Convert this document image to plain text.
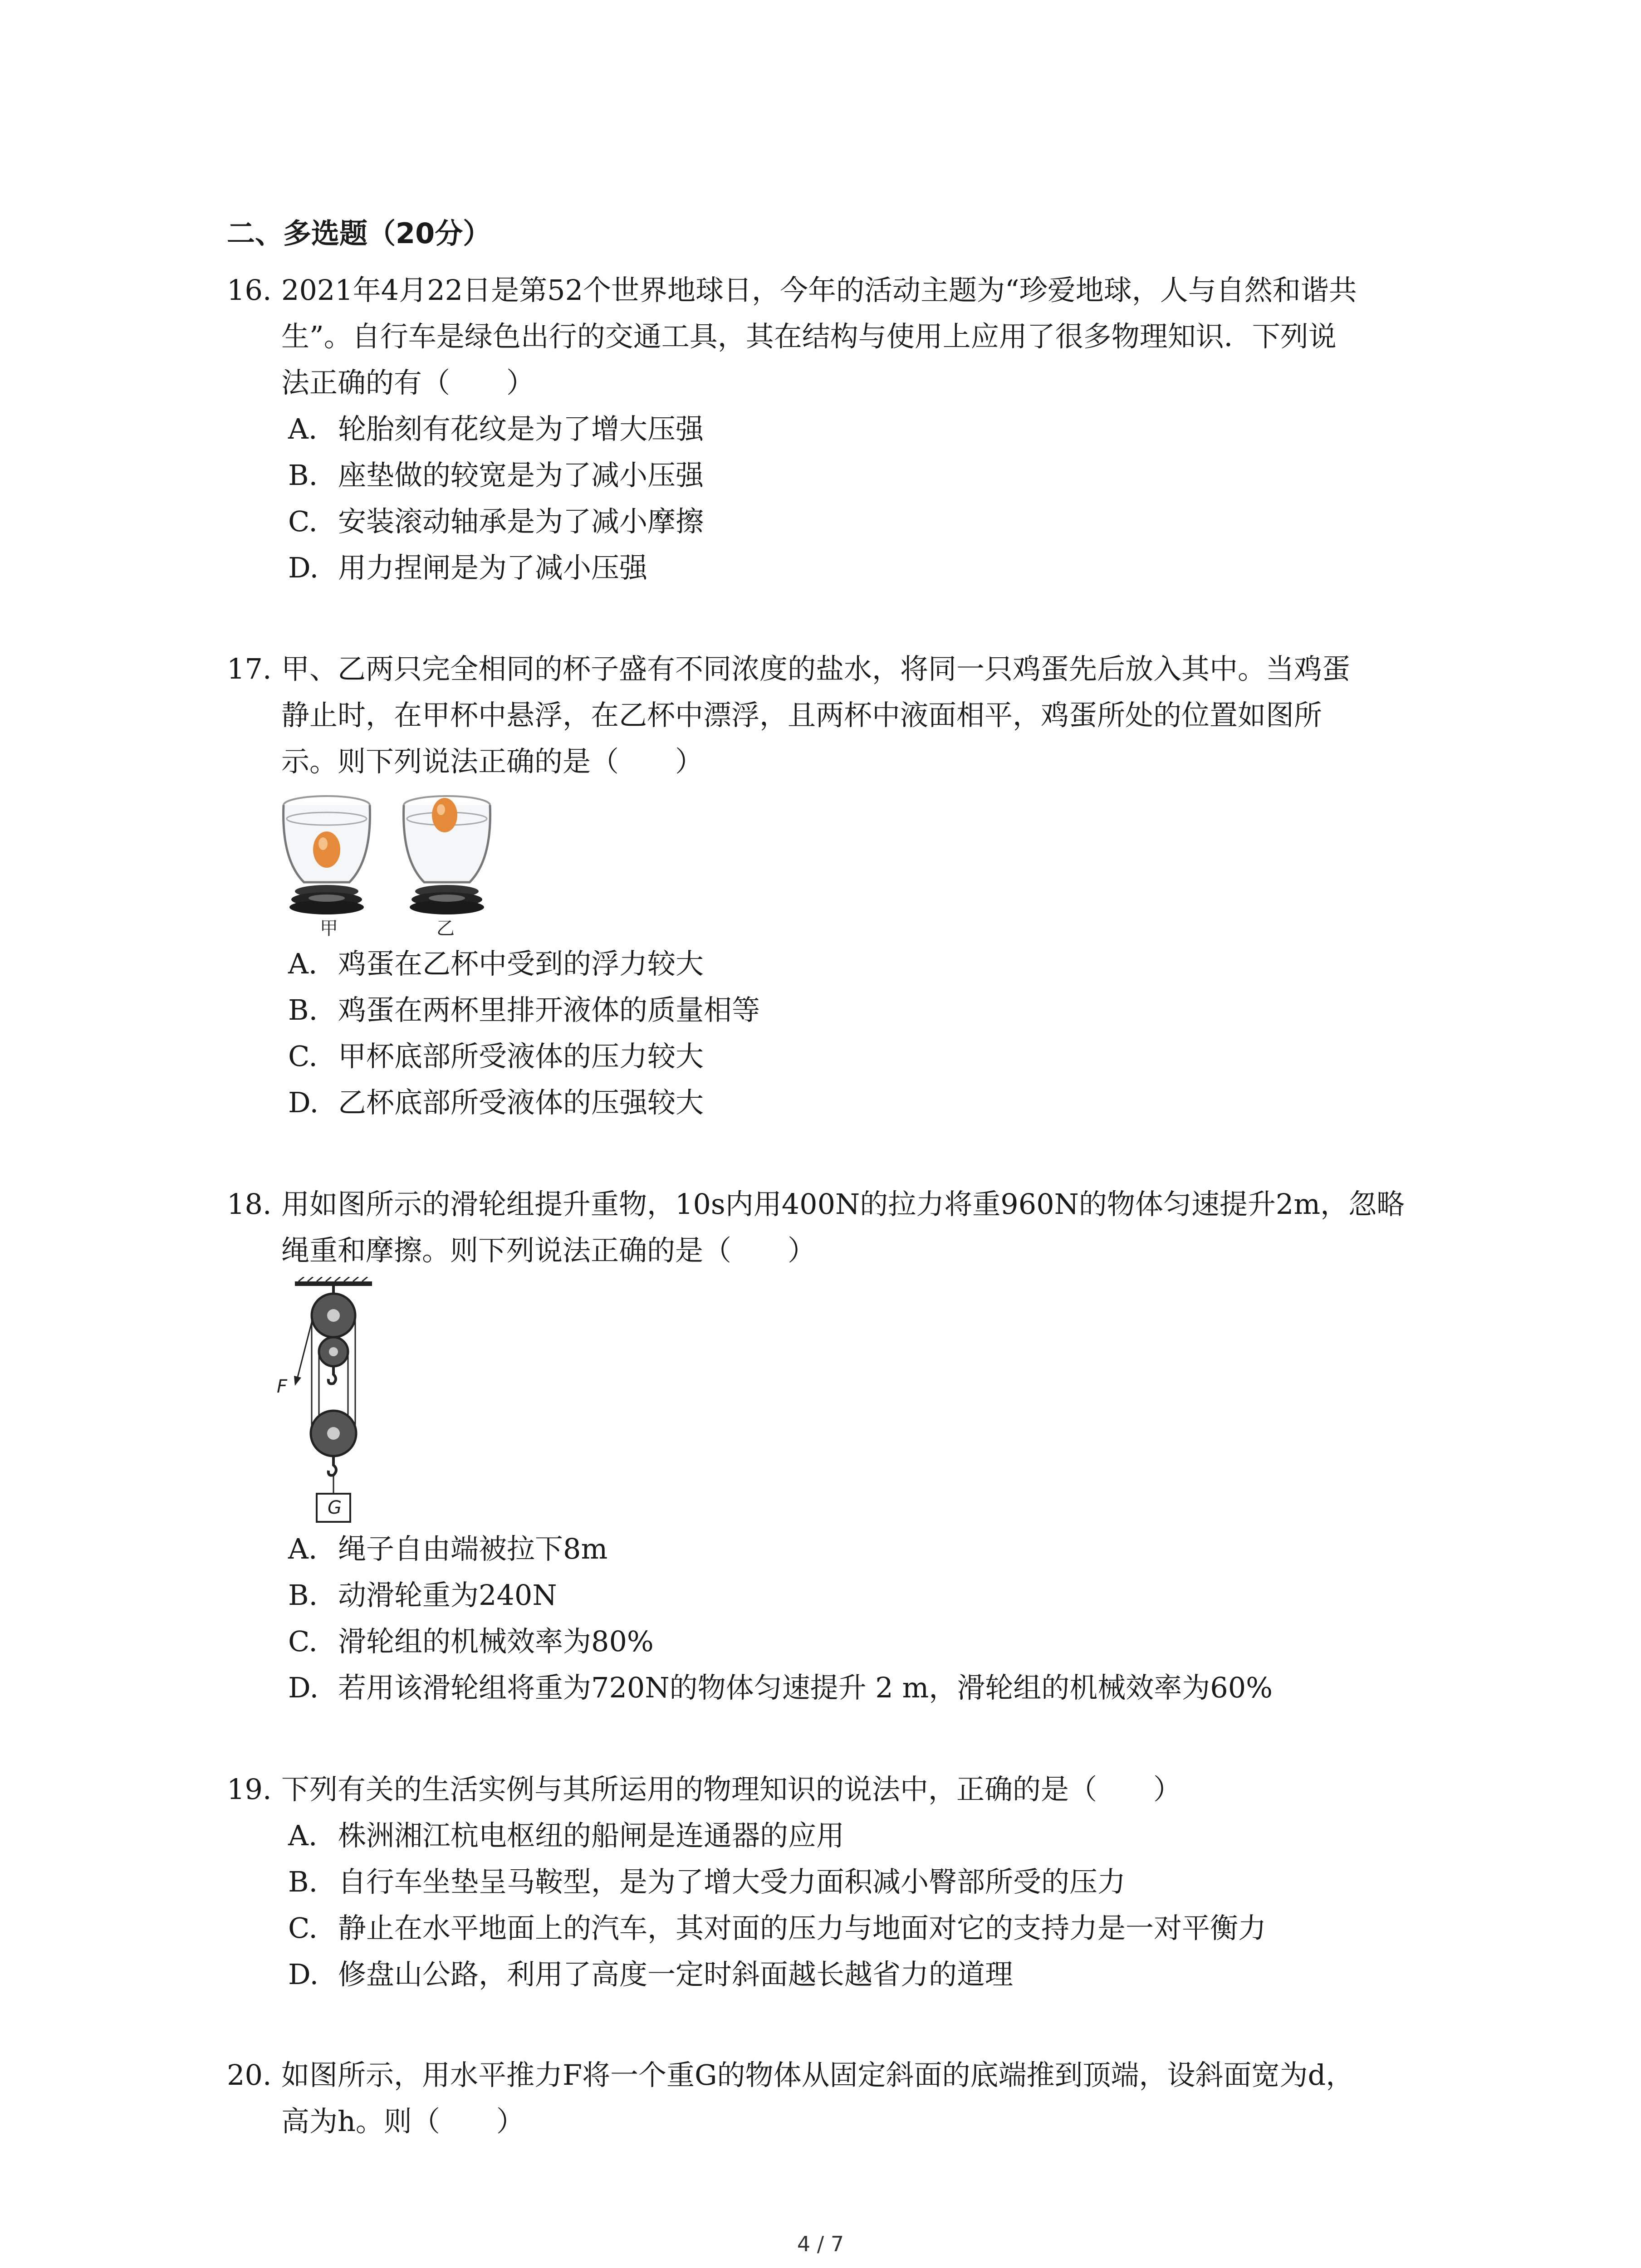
二、多选题（20分）
16. 2021年4月22日是第52个世界地球日，今年的活动主题为“珍爱地球，人与自然和谐共
生”。自行车是绿色出行的交通工具，其在结构与使用上应用了很多物理知识．下列说
法正确的有（　　）
A. 轮胎刻有花纹是为了增大压强
B. 座垫做的较宽是为了减小压强
C. 安装滚动轴承是为了减小摩擦
D. 用力捏闸是为了减小压强
17. 甲、乙两只完全相同的杯子盛有不同浓度的盐水，将同一只鸡蛋先后放入其中。当鸡蛋
静止时，在甲杯中悬浮，在乙杯中漂浮，且两杯中液面相平，鸡蛋所处的位置如图所
示。则下列说法正确的是（　　）
甲	乙
A. 鸡蛋在乙杯中受到的浮力较大
B. 鸡蛋在两杯里排开液体的质量相等
C. 甲杯底部所受液体的压力较大
D. 乙杯底部所受液体的压强较大
18. 用如图所示的滑轮组提升重物，10s内用400N的拉力将重960N的物体匀速提升2m，忽略
绳重和摩擦。则下列说法正确的是（　　）
F
G
A. 绳子自由端被拉下8m
B. 动滑轮重为240N
C. 滑轮组的机械效率为80%
D. 若用该滑轮组将重为720N的物体匀速提升 2 m，滑轮组的机械效率为60%
19. 下列有关的生活实例与其所运用的物理知识的说法中，正确的是（　　）
A. 株洲湘江杭电枢纽的船闸是连通器的应用
B. 自行车坐垫呈马鞍型，是为了增大受力面积减小臀部所受的压力
C. 静止在水平地面上的汽车，其对面的压力与地面对它的支持力是一对平衡力
D. 修盘山公路，利用了高度一定时斜面越长越省力的道理
20. 如图所示，用水平推力F将一个重G的物体从固定斜面的底端推到顶端，设斜面宽为d，
高为h。则（　　）
4 / 7
